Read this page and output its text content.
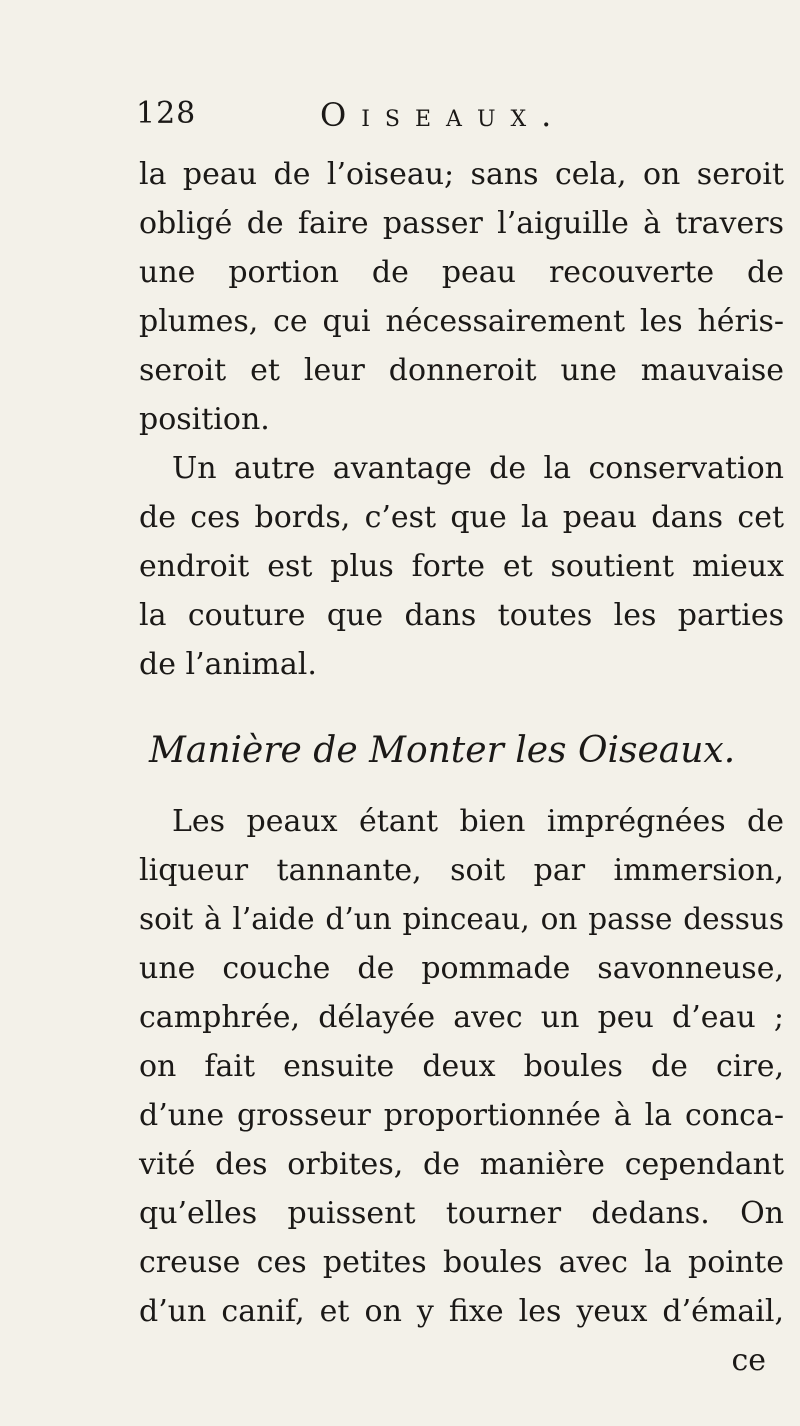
128	Oiseaux.
la peau de l’oiseau; sans cela, on seroit
obligé de faire passer l’aiguille à travers
une portion de peau recouverte de
plumes, ce qui nécessairement les héris-
seroit et leur donneroit une mauvaise
position.
Un autre avantage de la conservation
de ces bords, c’est que la peau dans cet
endroit est plus forte et soutient mieux
la couture que dans toutes les parties
de l’animal.
Manière de Monter les Oiseaux.
Les peaux étant bien imprégnées de
liqueur tannante, soit par immersion,
soit à l’aide d’un pinceau, on passe dessus
une couche de pommade savonneuse,
camphrée, délayée avec un peu d’eau ;
on fait ensuite deux boules de cire,
d’une grosseur proportionnée à la conca-
vité des orbites, de manière cependant
qu’elles puissent tourner dedans. On
creuse ces petites boules avec la pointe
d’un canif, et on y fixe les yeux d’émail,
ce
